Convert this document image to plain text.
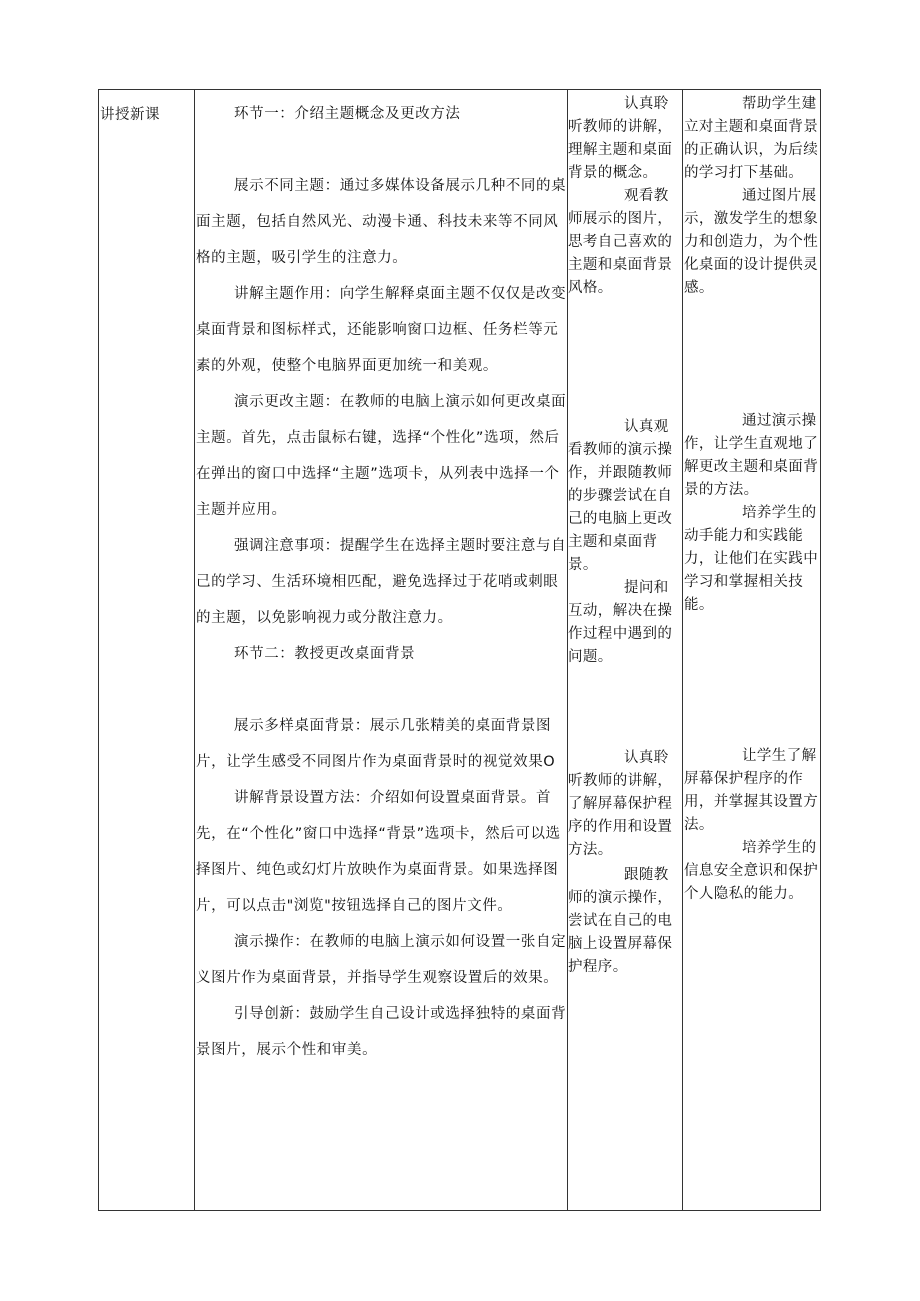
讲授新课	环节一：介绍主题概念及更改方法

展示不同主题：通过多媒体设备展示几种不同的桌面主题，包括自然风光、动漫卡通、科技未来等不同风格的主题，吸引学生的注意力。

讲解主题作用：向学生解释桌面主题不仅仅是改变桌面背景和图标样式，还能影响窗口边框、任务栏等元素的外观，使整个电脑界面更加统一和美观。

演示更改主题：在教师的电脑上演示如何更改桌面主题。首先，点击鼠标右键，选择“个性化”选项，然后在弹出的窗口中选择“主题”选项卡，从列表中选择一个主题并应用。

强调注意事项：提醒学生在选择主题时要注意与自己的学习、生活环境相匹配，避免选择过于花哨或刺眼的主题，以免影响视力或分散注意力。

环节二：教授更改桌面背景

展示多样桌面背景：展示几张精美的桌面背景图片，让学生感受不同图片作为桌面背景时的视觉效果O

讲解背景设置方法：介绍如何设置桌面背景。首先，在“个性化”窗口中选择“背景”选项卡，然后可以选择图片、纯色或幻灯片放映作为桌面背景。如果选择图片，可以点击"浏览"按钮选择自己的图片文件。

演示操作：在教师的电脑上演示如何设置一张自定义图片作为桌面背景，并指导学生观察设置后的效果。

引导创新：鼓励学生自己设计或选择独特的桌面背景图片，展示个性和审美。

认真聆听教师的讲解，理解主题和桌面背景的概念。

观看教师展示的图片，思考自己喜欢的主题和桌面背景风格。

认真观看教师的演示操作，并跟随教师的步骤尝试在自己的电脑上更改主题和桌面背景。

提问和互动，解决在操作过程中遇到的问题。

认真聆听教师的讲解，了解屏幕保护程序的作用和设置方法。

跟随教师的演示操作，尝试在自己的电脑上设置屏幕保护程序。

帮助学生建立对主题和桌面背景的正确认识，为后续的学习打下基础。

通过图片展示，激发学生的想象力和创造力，为个性化桌面的设计提供灵感。

通过演示操作，让学生直观地了解更改主题和桌面背景的方法。

培养学生的动手能力和实践能力，让他们在实践中学习和掌握相关技能。

让学生了解屏幕保护程序的作用，并掌握其设置方法。

培养学生的信息安全意识和保护个人隐私的能力。
